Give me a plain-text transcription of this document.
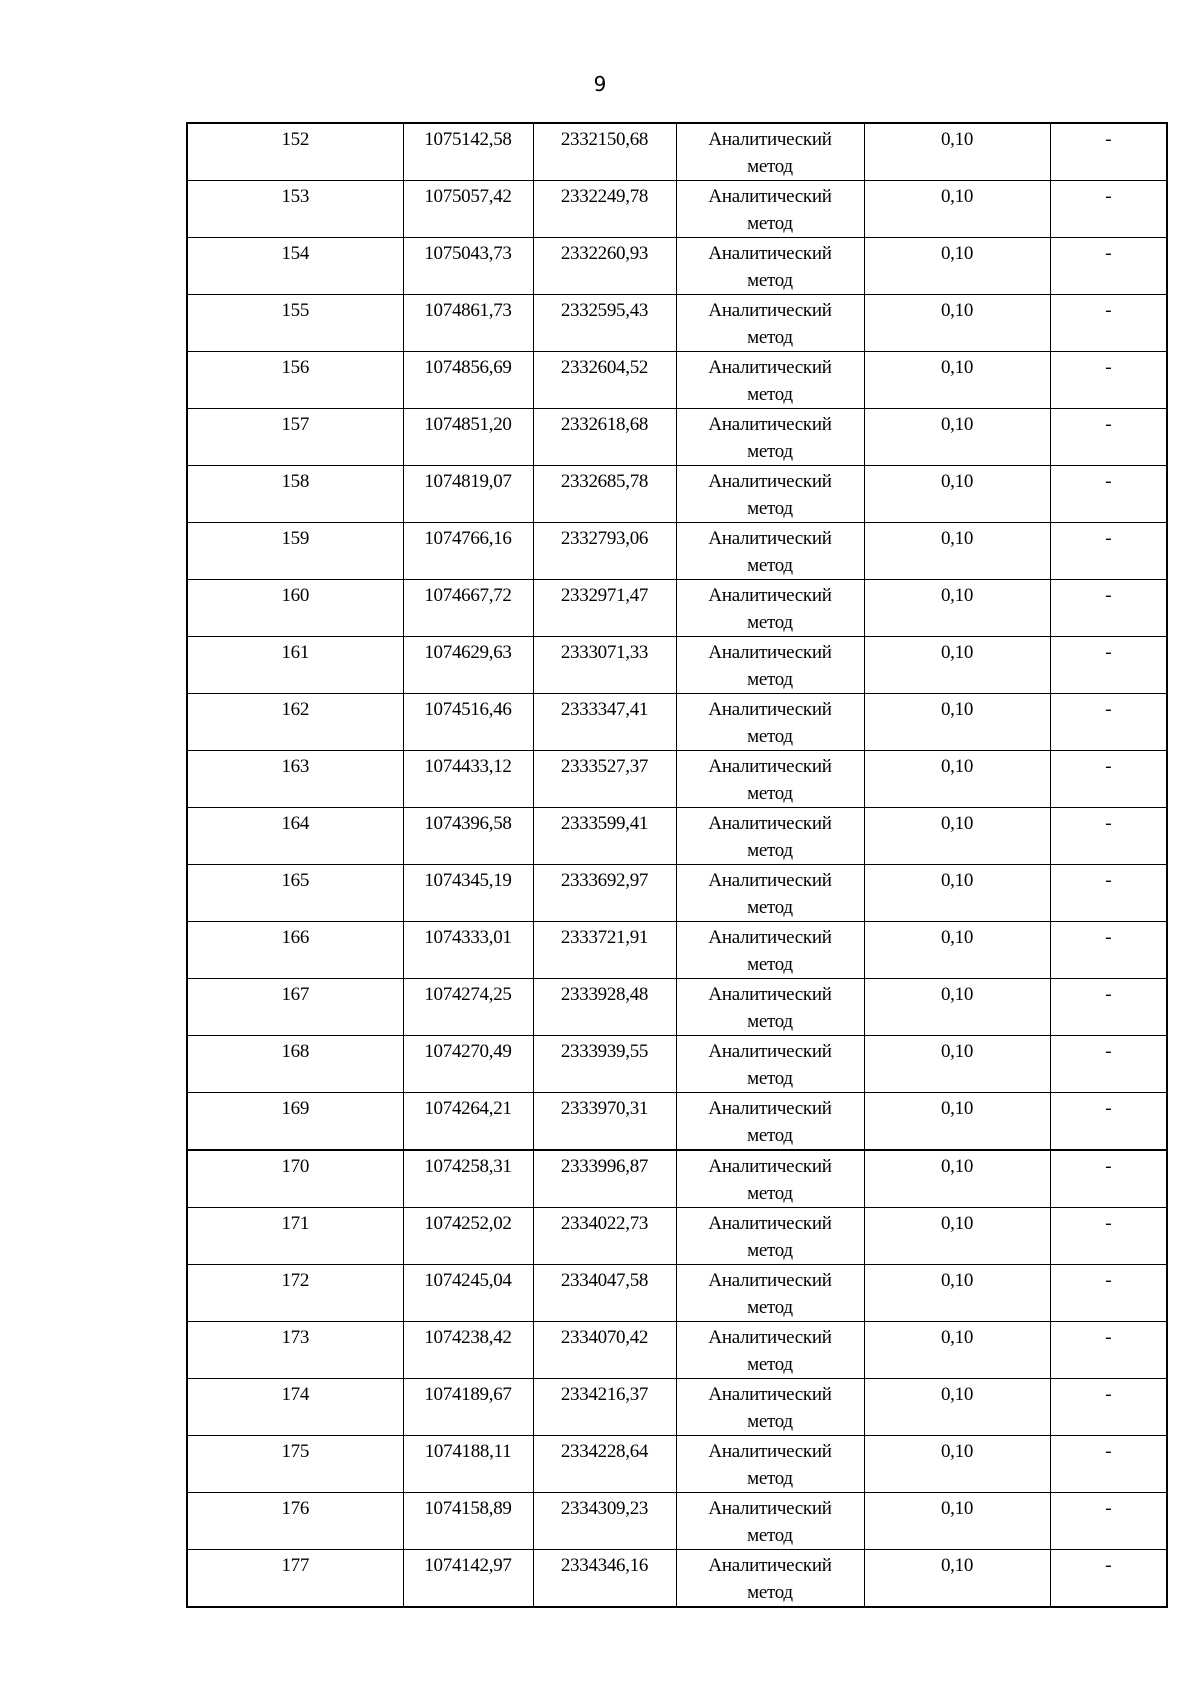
9
152	1075142,58	2332150,68	Аналитический метод	0,10	-
153	1075057,42	2332249,78	Аналитический метод	0,10	-
154	1075043,73	2332260,93	Аналитический метод	0,10	-
155	1074861,73	2332595,43	Аналитический метод	0,10	-
156	1074856,69	2332604,52	Аналитический метод	0,10	-
157	1074851,20	2332618,68	Аналитический метод	0,10	-
158	1074819,07	2332685,78	Аналитический метод	0,10	-
159	1074766,16	2332793,06	Аналитический метод	0,10	-
160	1074667,72	2332971,47	Аналитический метод	0,10	-
161	1074629,63	2333071,33	Аналитический метод	0,10	-
162	1074516,46	2333347,41	Аналитический метод	0,10	-
163	1074433,12	2333527,37	Аналитический метод	0,10	-
164	1074396,58	2333599,41	Аналитический метод	0,10	-
165	1074345,19	2333692,97	Аналитический метод	0,10	-
166	1074333,01	2333721,91	Аналитический метод	0,10	-
167	1074274,25	2333928,48	Аналитический метод	0,10	-
168	1074270,49	2333939,55	Аналитический метод	0,10	-
169	1074264,21	2333970,31	Аналитический метод	0,10	-
170	1074258,31	2333996,87	Аналитический метод	0,10	-
171	1074252,02	2334022,73	Аналитический метод	0,10	-
172	1074245,04	2334047,58	Аналитический метод	0,10	-
173	1074238,42	2334070,42	Аналитический метод	0,10	-
174	1074189,67	2334216,37	Аналитический метод	0,10	-
175	1074188,11	2334228,64	Аналитический метод	0,10	-
176	1074158,89	2334309,23	Аналитический метод	0,10	-
177	1074142,97	2334346,16	Аналитический метод	0,10	-
